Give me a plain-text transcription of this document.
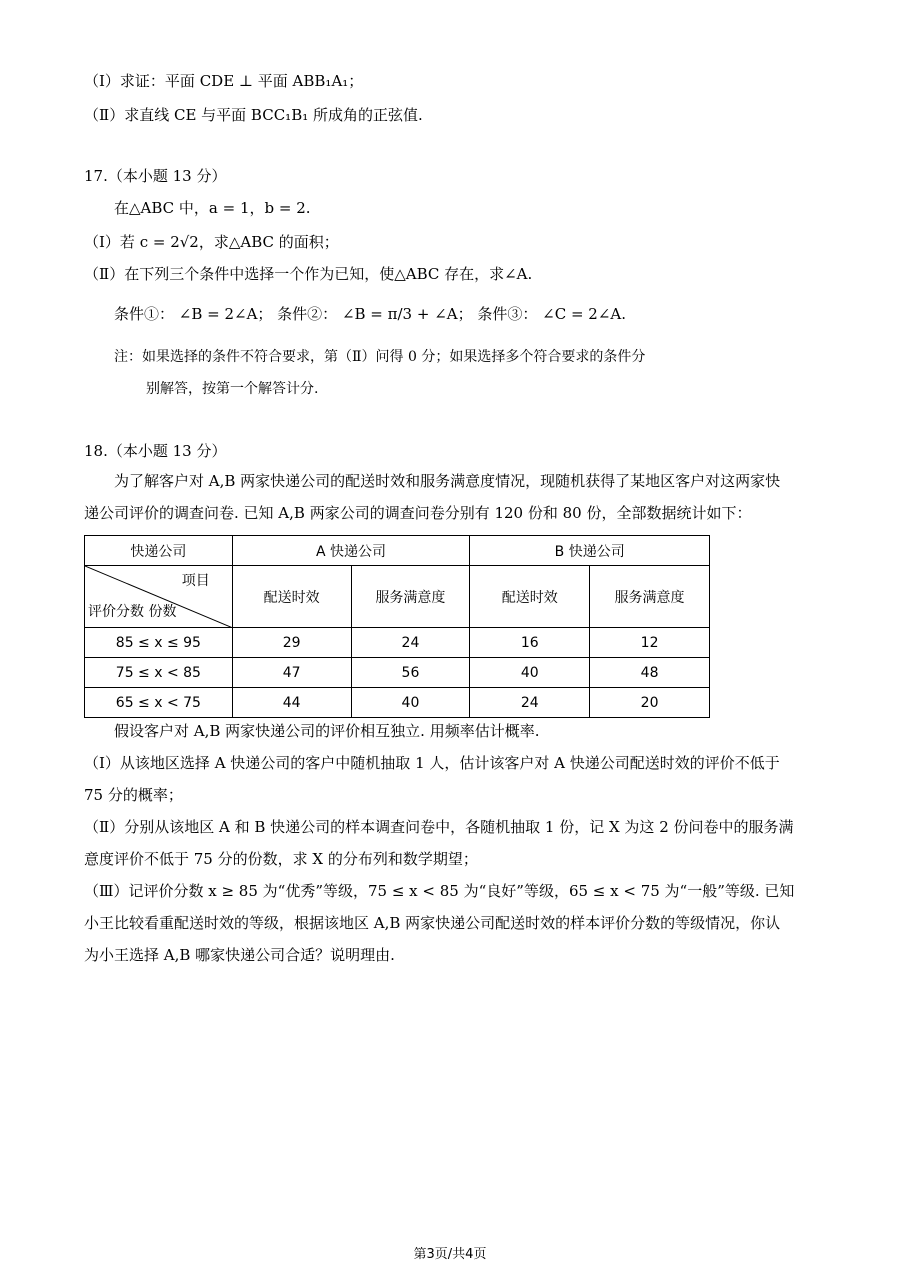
（Ⅰ）求证：平面 CDE ⊥ 平面 ABB₁A₁；
（Ⅱ）求直线 CE 与平面 BCC₁B₁ 所成角的正弦值.
17.（本小题 13 分）
在△ABC 中，a = 1，b = 2.
（Ⅰ）若 c = 2√2，求△ABC 的面积；
（Ⅱ）在下列三个条件中选择一个作为已知，使△ABC 存在，求∠A.
条件①： ∠B = 2∠A； 条件②： ∠B = π/3 + ∠A； 条件③： ∠C = 2∠A.
注：如果选择的条件不符合要求，第（Ⅱ）问得 0 分；如果选择多个符合要求的条件分
别解答，按第一个解答计分.
18.（本小题 13 分）
为了解客户对 A,B 两家快递公司的配送时效和服务满意度情况，现随机获得了某地区客户对这两家快
递公司评价的调查问卷. 已知 A,B 两家公司的调查问卷分别有 120 份和 80 份，全部数据统计如下：
快递公司	A 快递公司		B 快递公司	

项目
评价分数 份数	配送时效	服务满意度	配送时效	服务满意度
85 ≤ x ≤ 95	29	24	16	12
75 ≤ x < 85	47	56	40	48
65 ≤ x < 75	44	40	24	20
假设客户对 A,B 两家快递公司的评价相互独立. 用频率估计概率.
（Ⅰ）从该地区选择 A 快递公司的客户中随机抽取 1 人，估计该客户对 A 快递公司配送时效的评价不低于
75 分的概率；
（Ⅱ）分别从该地区 A 和 B 快递公司的样本调查问卷中，各随机抽取 1 份，记 X 为这 2 份问卷中的服务满
意度评价不低于 75 分的份数，求 X 的分布列和数学期望；
（Ⅲ）记评价分数 x ≥ 85 为“优秀”等级，75 ≤ x < 85 为“良好”等级，65 ≤ x < 75 为“一般”等级. 已知
小王比较看重配送时效的等级，根据该地区 A,B 两家快递公司配送时效的样本评价分数的等级情况，你认
为小王选择 A,B 哪家快递公司合适？说明理由.
第3页/共4页
